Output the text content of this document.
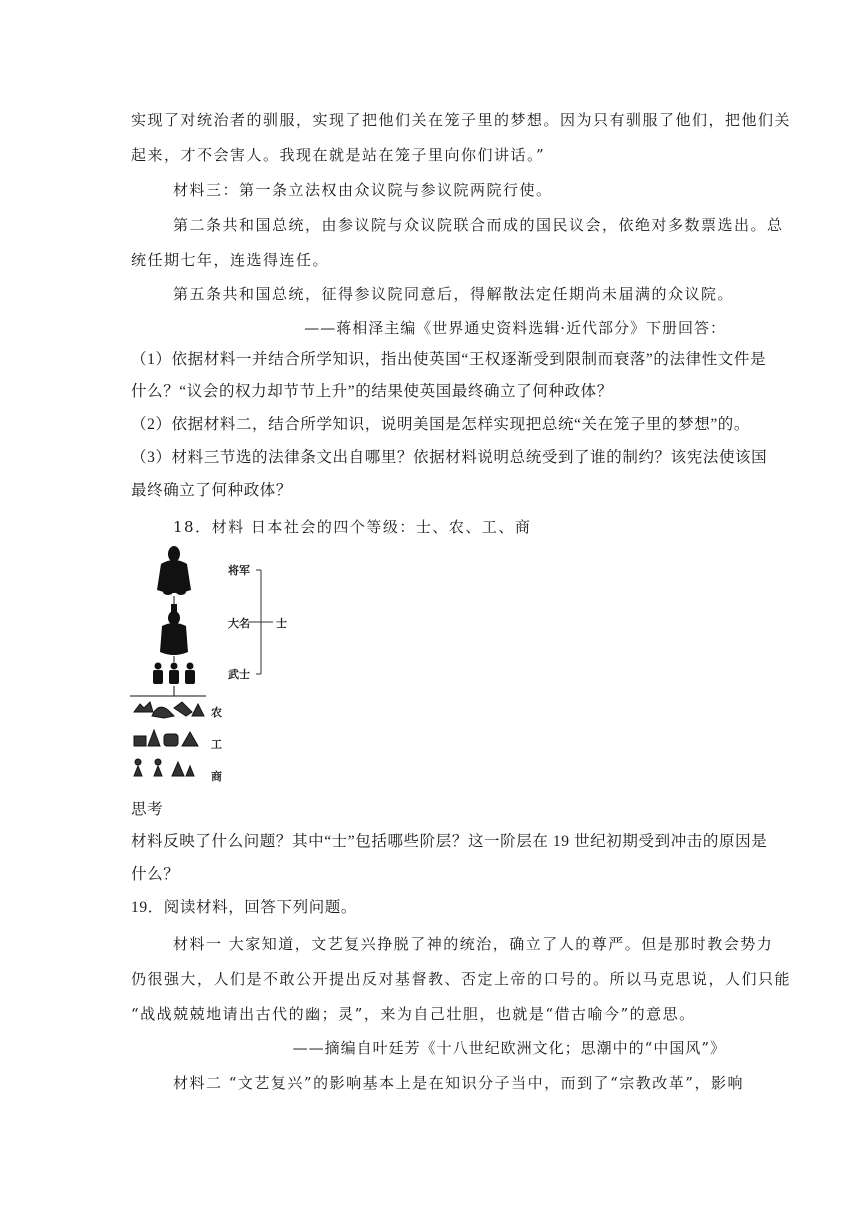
实现了对统治者的驯服，实现了把他们关在笼子里的梦想。因为只有驯服了他们，把他们关
起来，才不会害人。我现在就是站在笼子里向你们讲话。”
材料三：第一条立法权由众议院与参议院两院行使。
第二条共和国总统，由参议院与众议院联合而成的国民议会，依绝对多数票选出。总
统任期七年，连选得连任。
第五条共和国总统，征得参议院同意后，得解散法定任期尚未届满的众议院。
——蒋相泽主编《世界通史资料选辑·近代部分》下册回答：
（1）依据材料一并结合所学知识，指出使英国“王权逐渐受到限制而衰落”的法律性文件是
什么？“议会的权力却节节上升”的结果使英国最终确立了何种政体？
（2）依据材料二，结合所学知识，说明美国是怎样实现把总统“关在笼子里的梦想”的。
（3）材料三节选的法律条文出自哪里？依据材料说明总统受到了谁的制约？该宪法使该国
最终确立了何种政体？
18．材料 日本社会的四个等级：士、农、工、商
将军
大名 士
武士
农
工
商
思考
材料反映了什么问题？其中“士”包括哪些阶层？这一阶层在 19 世纪初期受到冲击的原因是
什么？
19．阅读材料，回答下列问题。
材料一 大家知道，文艺复兴挣脱了神的统治，确立了人的尊严。但是那时教会势力
仍很强大，人们是不敢公开提出反对基督教、否定上帝的口号的。所以马克思说，人们只能
“战战兢兢地请出古代的幽；灵”，来为自己壮胆，也就是“借古喻今”的意思。
——摘编自叶廷芳《十八世纪欧洲文化；思潮中的“中国风”》
材料二 “文艺复兴”的影响基本上是在知识分子当中，而到了“宗教改革”，影响
